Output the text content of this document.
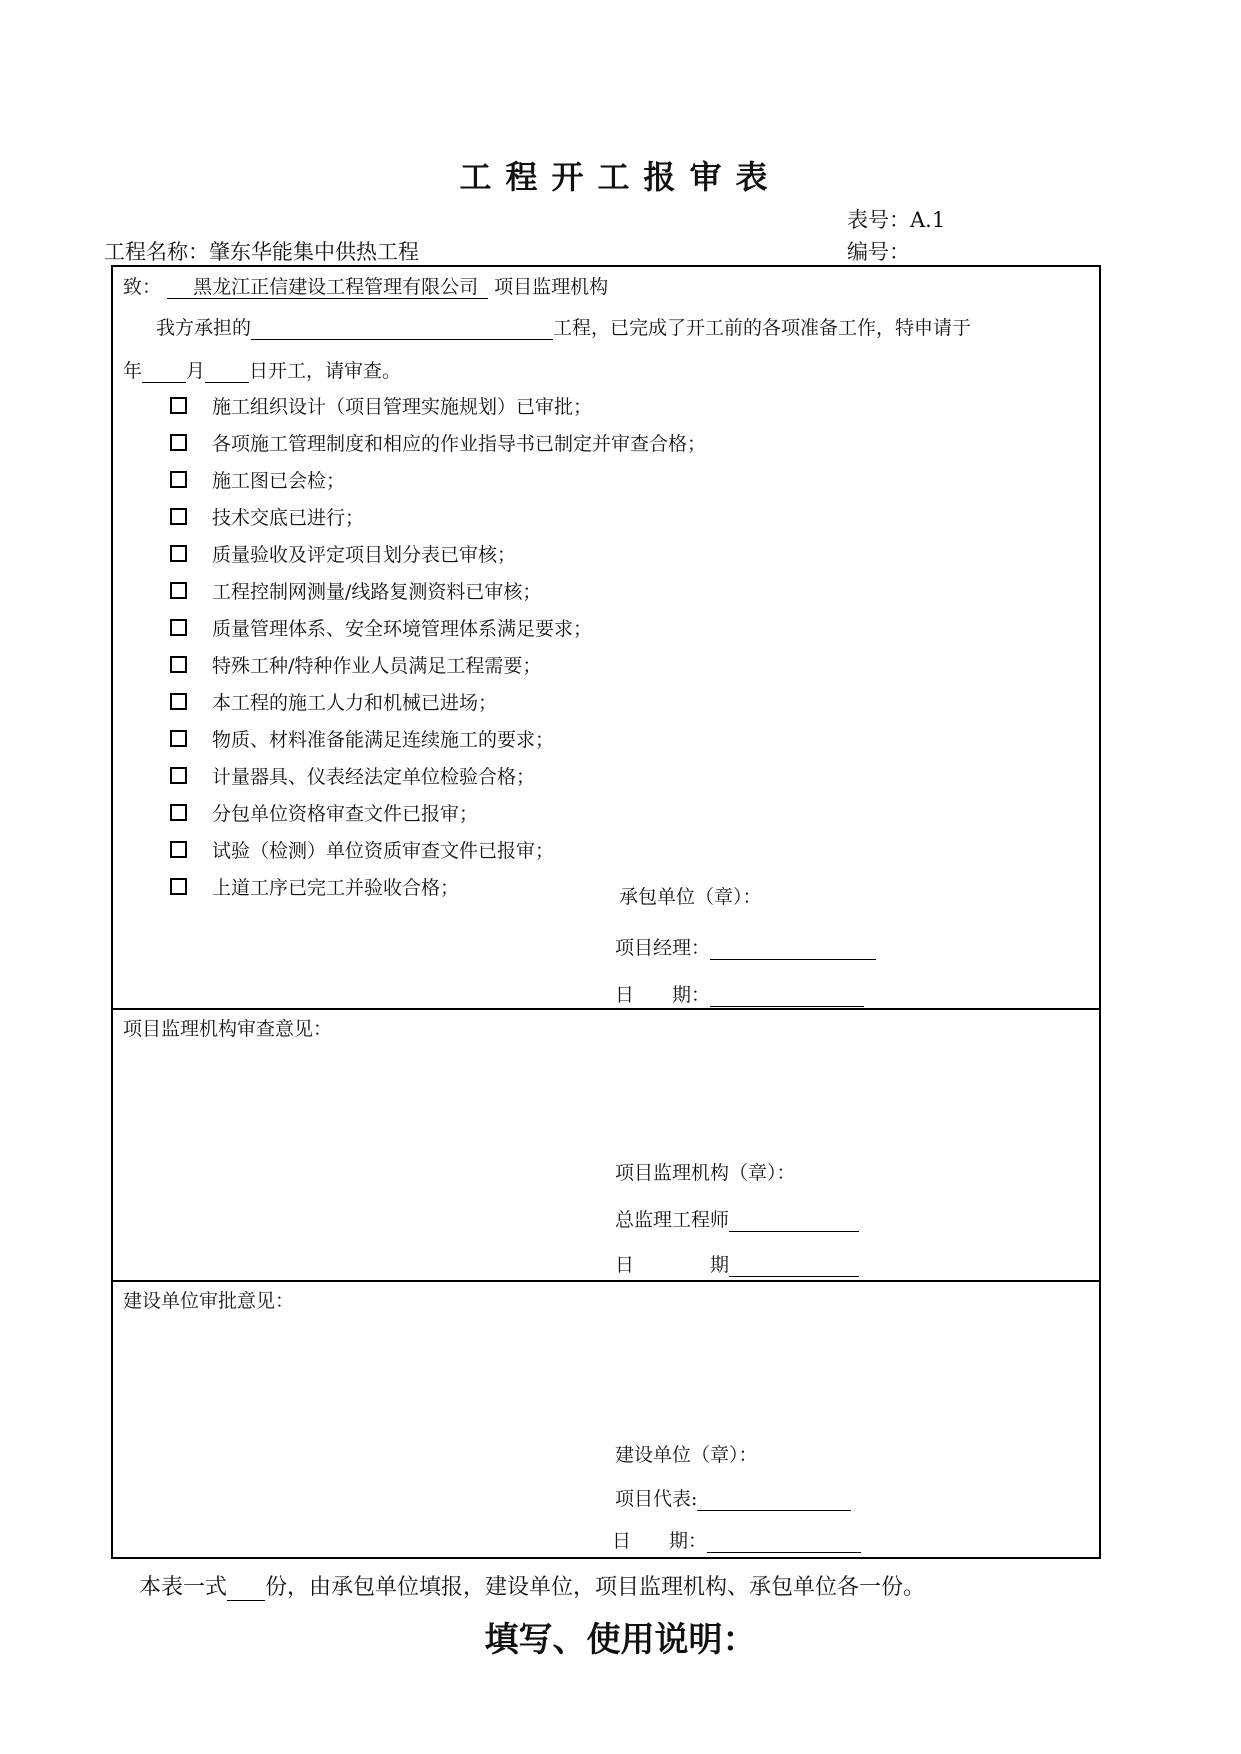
工程开工报审表
表号：A.1
编号：
工程名称：肇东华能集中供热工程
致： 黑龙江正信建设工程管理有限公司 项目监理机构
我方承担的	工程，已完成了开工前的各项准备工作，特申请于
年 月 日开工，请审查。
施工组织设计（项目管理实施规划）已审批；
各项施工管理制度和相应的作业指导书已制定并审查合格；
施工图已会检；
技术交底已进行；
质量验收及评定项目划分表已审核；
工程控制网测量/线路复测资料已审核；
质量管理体系、安全环境管理体系满足要求；
特殊工种/特种作业人员满足工程需要；
本工程的施工人力和机械已进场；
物质、材料准备能满足连续施工的要求；
计量器具、仪表经法定单位检验合格；
分包单位资格审查文件已报审；
试验（检测）单位资质审查文件已报审；
上道工序已完工并验收合格；	承包单位（章）：
项目经理：
日　　期：
项目监理机构审查意见：
项目监理机构（章）：
总监理工程师
日　　　　期
建设单位审批意见：
建设单位（章）：
项目代表:
日　　期：
本表一式 份，由承包单位填报，建设单位，项目监理机构、承包单位各一份。
填写、使用说明：
